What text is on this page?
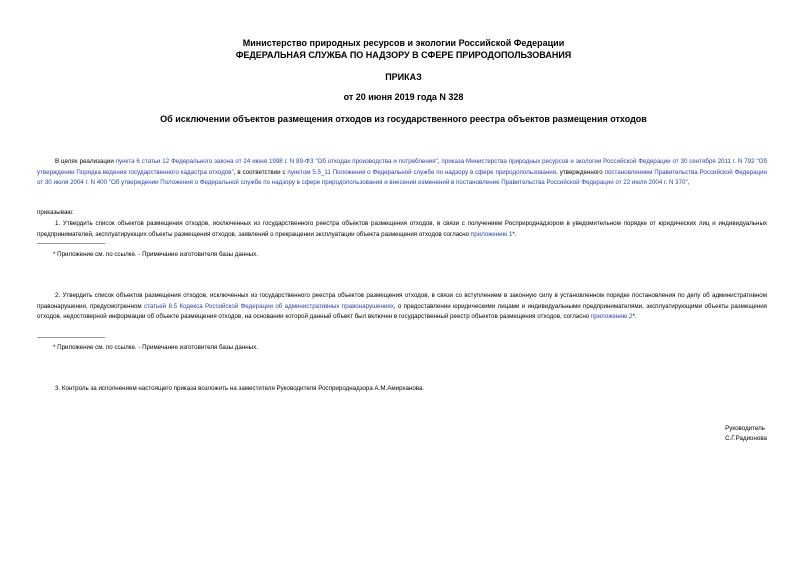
Министерство природных ресурсов и экологии Российской Федерации
ФЕДЕРАЛЬНАЯ СЛУЖБА ПО НАДЗОРУ В СФЕРЕ ПРИРОДОПОЛЬЗОВАНИЯ
ПРИКАЗ
от 20 июня 2019 года N 328
Об исключении объектов размещения отходов из государственного реестра объектов размещения отходов
В целях реализации пункта 6 статьи 12 Федерального закона от 24 июня 1998 г. N 89-ФЗ "Об отходах производства и потребления", приказа Министерства природных ресурсов и экологии Российской Федерации от 30 сентября 2011 г. N 792 "Об утверждении Порядка ведения государственного кадастра отходов", в соответствии с пунктом 5.5_11 Положения о Федеральной службе по надзору в сфере природопользования, утвержденного постановлением Правительства Российской Федерации от 30 июля 2004 г. N 400 "Об утверждении Положения о Федеральной службе по надзору в сфере природопользования и внесении изменений в постановление Правительства Российской Федерации от 22 июля 2004 г. N 370",
приказываю:
1. Утвердить список объектов размещения отходов, исключенных из государственного реестра объектов размещения отходов, в связи с получением Росприроднадзором в уведомительном порядке от юридических лиц и индивидуальных предпринимателей, эксплуатирующих объекты размещения отходов, заявлений о прекращении эксплуатации объекта размещения отходов согласно приложению 1*.
* Приложение см. по ссылке. - Примечание изготовителя базы данных.
2. Утвердить список объектов размещения отходов, исключенных из государственного реестра объектов размещения отходов, в связи со вступлением в законную силу в установленном порядке постановления по делу об административном правонарушении, предусмотренном статьей 8.5 Кодекса Российской Федерации об административных правонарушениях, о предоставлении юридическими лицами и индивидуальными предпринимателями, эксплуатирующими объекты размещения отходов, недостоверной информации об объекте размещения отходов, на основании которой данный объект был включен в государственный реестр объектов размещения отходов, согласно приложению 2*.
* Приложение см. по ссылке. - Примечание изготовителя базы данных.
3. Контроль за исполнением настоящего приказа возложить на заместителя Руководителя Росприроднадзора А.М.Амирханова.
Руководитель
С.Г.Радионова
